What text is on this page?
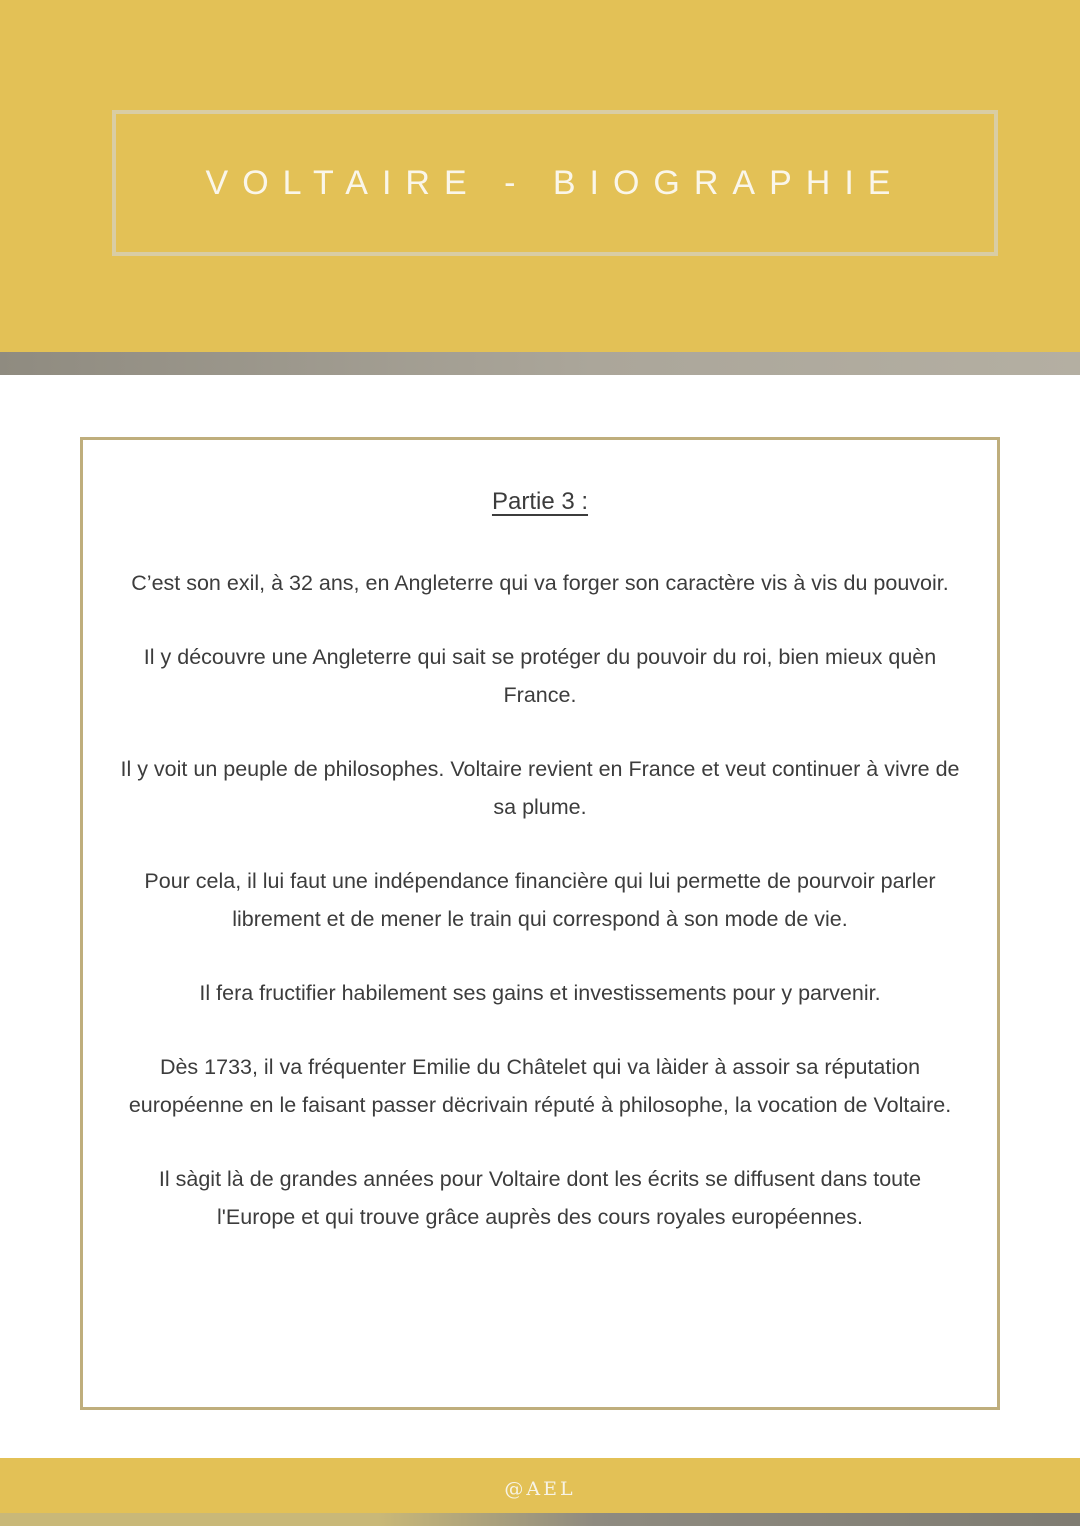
VOLTAIRE - BIOGRAPHIE
Partie 3 :

C’est son exil, à 32 ans, en Angleterre qui va forger son caractère vis à vis du pouvoir.

Il y découvre une Angleterre qui sait se protéger du pouvoir du roi, bien mieux quèn France.

Il y voit un peuple de philosophes. Voltaire revient en France et veut continuer à vivre de sa plume.

Pour cela, il lui faut une indépendance financière qui lui permette de pourvoir parler librement et de mener le train qui correspond à son mode de vie.

Il fera fructifier habilement ses gains et investissements pour y parvenir.

Dès 1733, il va fréquenter Emilie du Châtelet qui va làider à assoir sa réputation européenne en le faisant passer dëcrivain réputé à philosophe, la vocation de Voltaire.

Il sàgit là de grandes années pour Voltaire dont les écrits se diffusent dans toute l'Europe et qui trouve grâce auprès des cours royales européennes.

@AEL
